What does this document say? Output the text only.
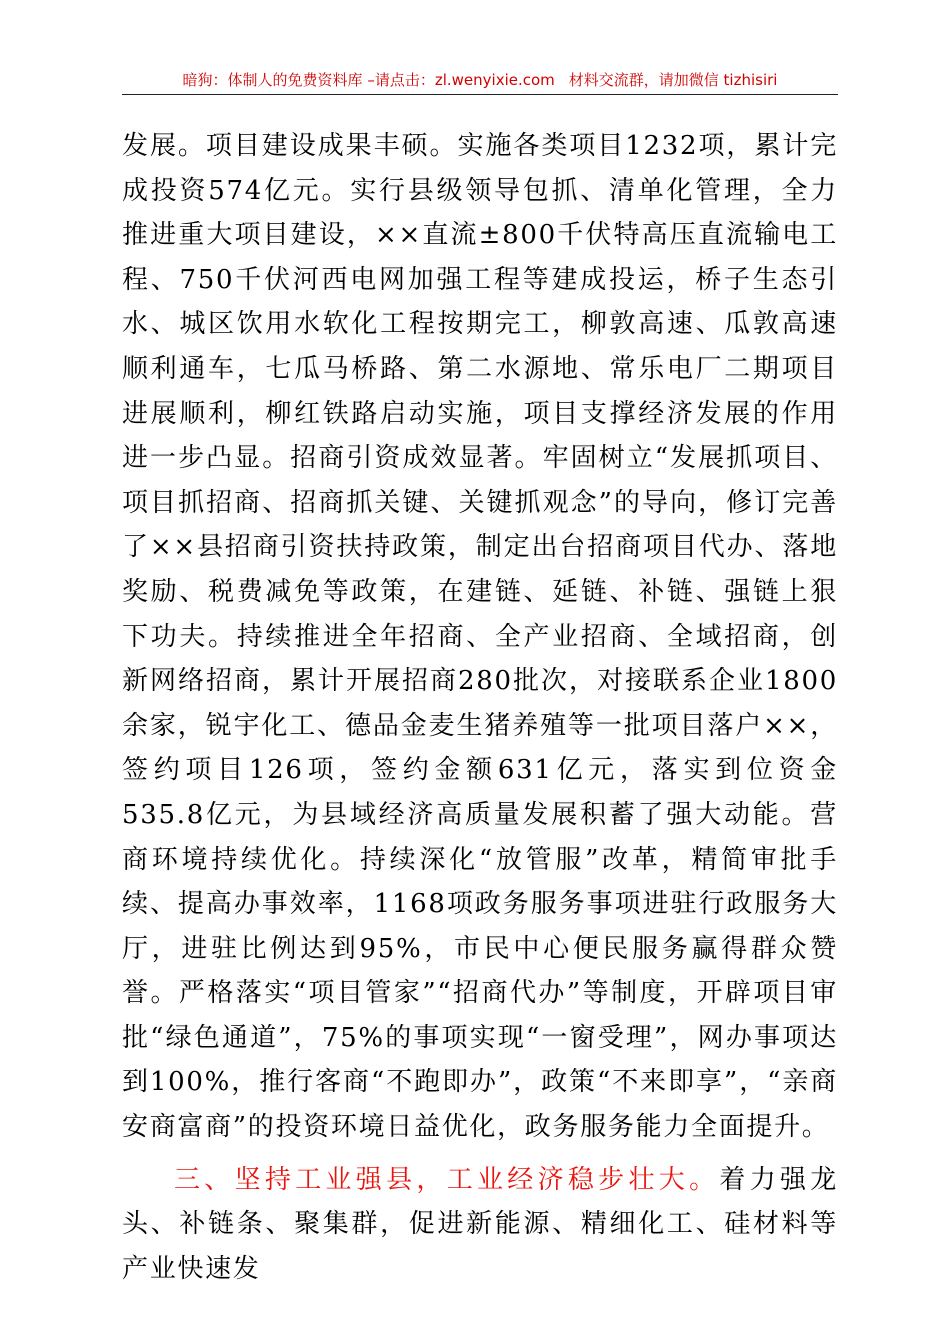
暗狗：体制人的免费资料库 –请点击：zl.wenyixie.com 材料交流群，请加微信 tizhisiri

发展。项目建设成果丰硕。实施各类项目1232项，累计完成投资574亿元。实行县级领导包抓、清单化管理，全力推进重大项目建设，××直流±800千伏特高压直流输电工程、750千伏河西电网加强工程等建成投运，桥子生态引水、城区饮用水软化工程按期完工，柳敦高速、瓜敦高速顺利通车，七瓜马桥路、第二水源地、常乐电厂二期项目进展顺利，柳红铁路启动实施，项目支撑经济发展的作用进一步凸显。招商引资成效显著。牢固树立“发展抓项目、项目抓招商、招商抓关键、关键抓观念”的导向，修订完善了××县招商引资扶持政策，制定出台招商项目代办、落地奖励、税费减免等政策，在建链、延链、补链、强链上狠下功夫。持续推进全年招商、全产业招商、全域招商，创新网络招商，累计开展招商280批次，对接联系企业1800余家，锐宇化工、德品金麦生猪养殖等一批项目落户××，签约项目126项，签约金额631亿元，落实到位资金535.8亿元，为县域经济高质量发展积蓄了强大动能。营商环境持续优化。持续深化“放管服”改革，精简审批手续、提高办事效率，1168项政务服务事项进驻行政服务大厅，进驻比例达到95%，市民中心便民服务赢得群众赞誉。严格落实“项目管家”“招商代办”等制度，开辟项目审批“绿色通道”，75%的事项实现“一窗受理”，网办事项达到100%，推行客商“不跑即办”，政策“不来即享”，“亲商安商富商”的投资环境日益优化，政务服务能力全面提升。

三、坚持工业强县，工业经济稳步壮大。着力强龙头、补链条、聚集群，促进新能源、精细化工、硅材料等产业快速发
